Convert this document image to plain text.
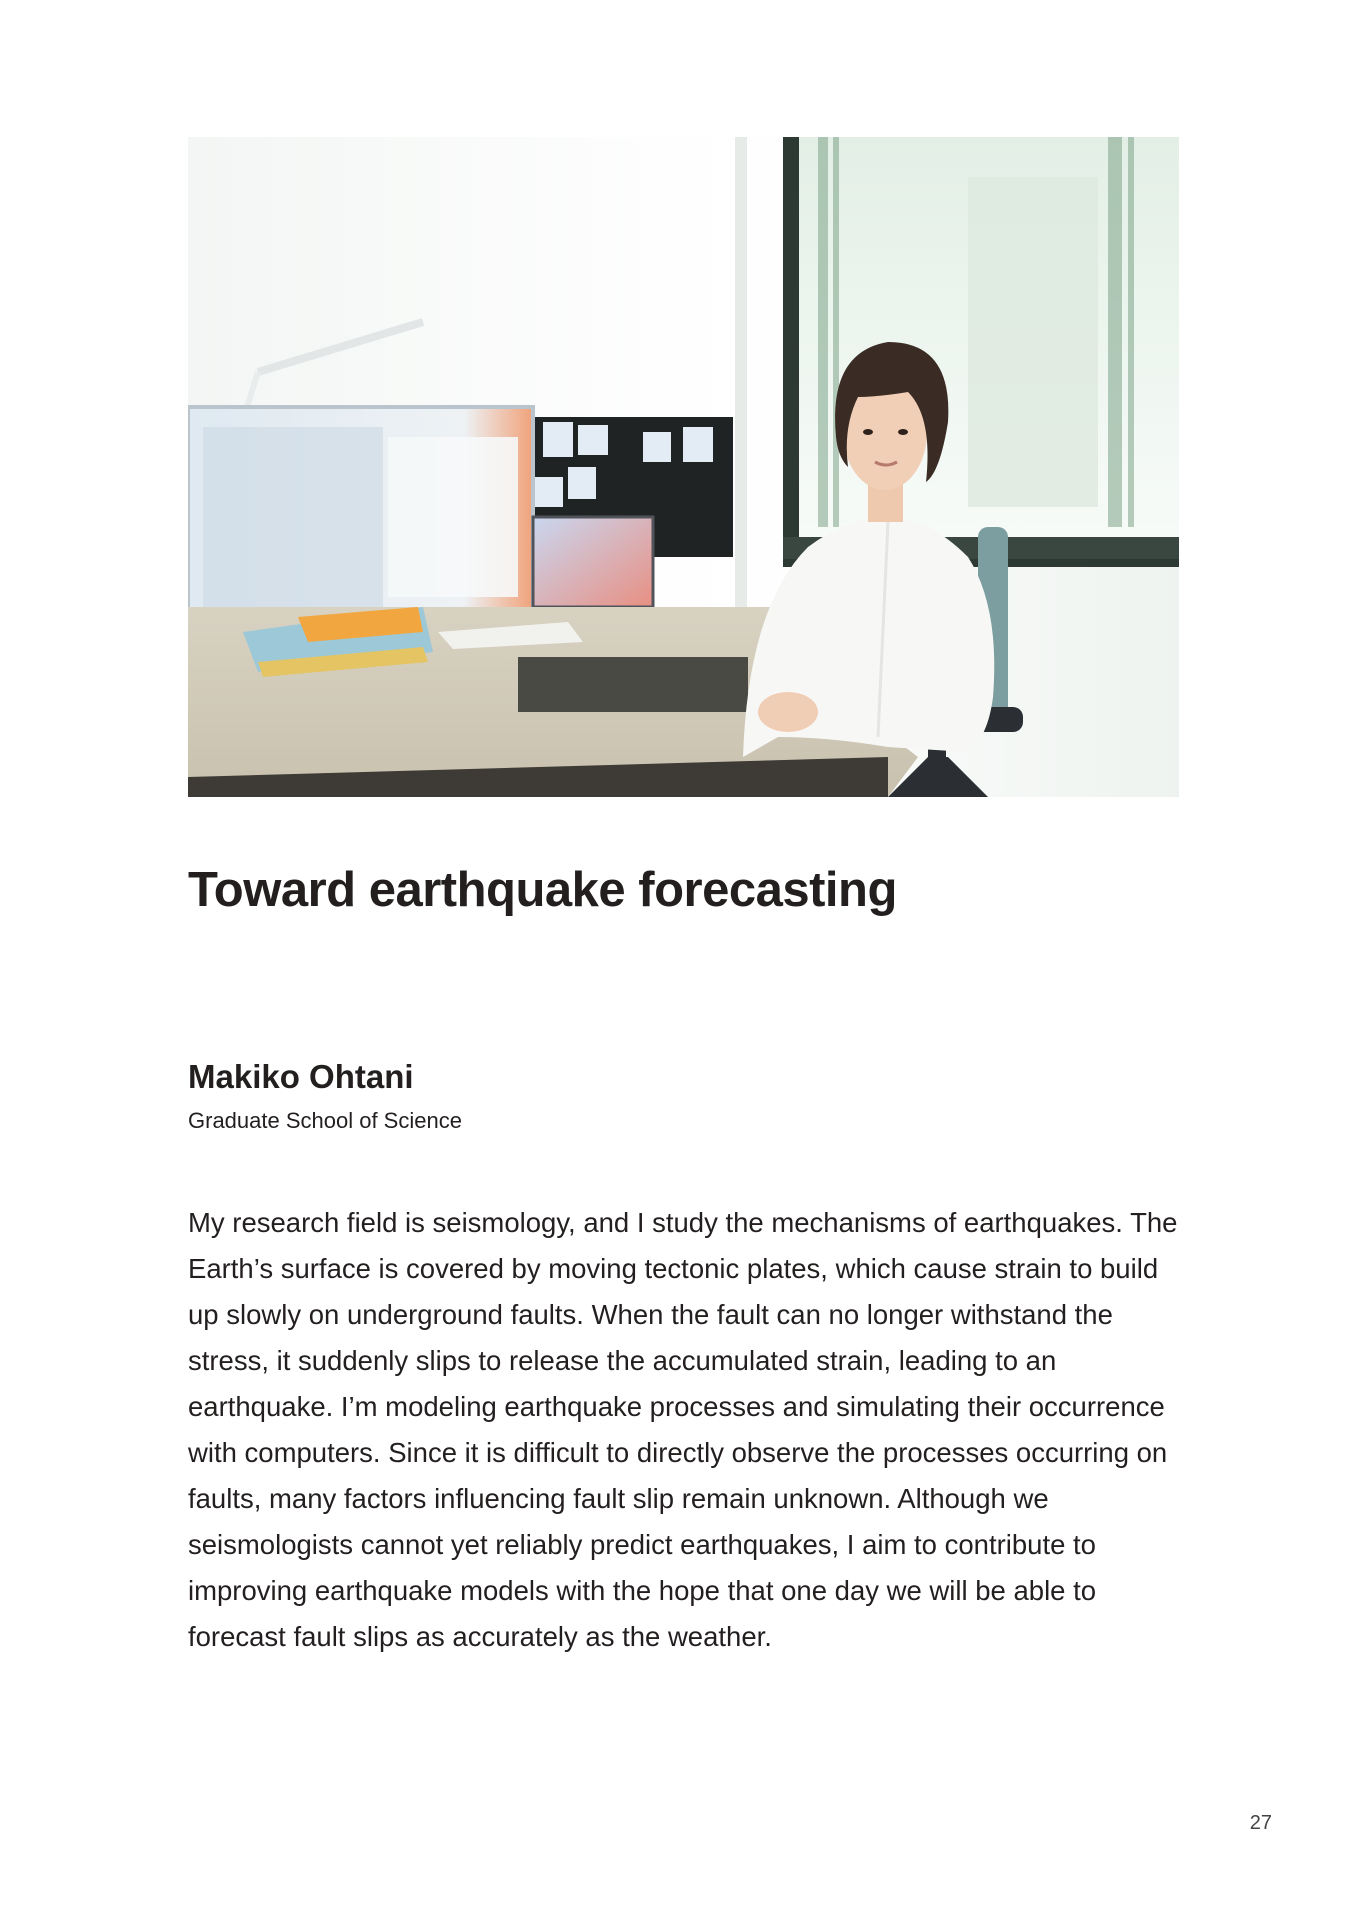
Toward earthquake forecasting
Makiko Ohtani

Graduate School of Science

My research field is seismology, and I study the mechanisms of earthquakes. The Earth’s surface is covered by moving tectonic plates, which cause strain to build up slowly on underground faults. When the fault can no longer withstand the stress, it suddenly slips to release the accumulated strain, leading to an earthquake. I’m modeling earthquake processes and simulating their occurrence with computers. Since it is difficult to directly observe the processes occurring on faults, many factors influencing fault slip remain unknown. Although we seismologists cannot yet reliably predict earthquakes, I aim to contribute to improving earthquake models with the hope that one day we will be able to forecast fault slips as accurately as the weather.

27
